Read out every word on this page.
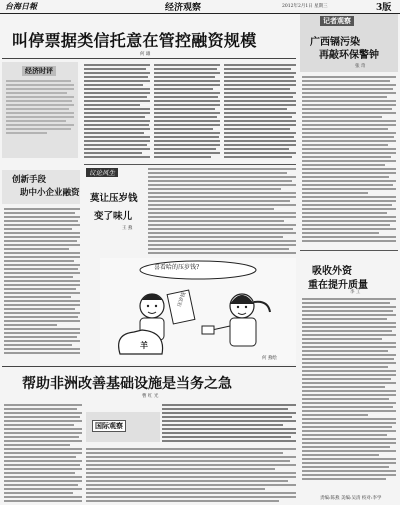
台海日報	经济观察	2012年2月1日 星期三	3版
叫停票据类信托意在管控融资规模
何 雄
记者观察
广西镉污染
再敲环保警钟
张 奇
经济时评
创新手段
助中小企业融资
议论风生
莫让压岁钱
变了味儿
王 燕
喜看哈的压岁钱?
压岁钱
羊
何 燕绘
吸收外资
重在提升质量
李 工
帮助非洲改善基础设施是当务之急
曹 红 光
国际观察
责编:陈燕 美编:吴清 校对:李学
